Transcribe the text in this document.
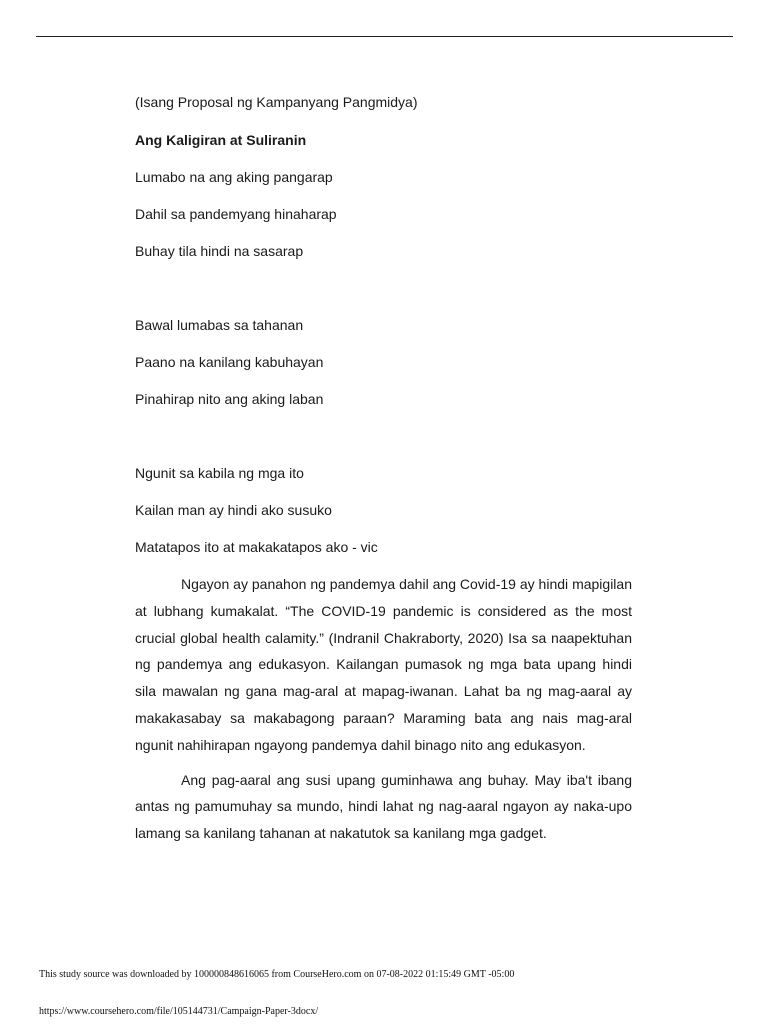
(Isang Proposal ng Kampanyang Pangmidya)
Ang Kaligiran at Suliranin
Lumabo na ang aking pangarap
Dahil sa pandemyang hinaharap
Buhay tila hindi na sasarap
Bawal lumabas sa tahanan
Paano na kanilang kabuhayan
Pinahirap nito ang aking laban
Ngunit sa kabila ng mga ito
Kailan man ay hindi ako susuko
Matatapos ito at makakatapos ako - vic

Ngayon ay panahon ng pandemya dahil ang Covid-19 ay hindi mapigilan at lubhang kumakalat. “The COVID-19 pandemic is considered as the most crucial global health calamity.” (Indranil Chakraborty, 2020) Isa sa naapektuhan ng pandemya ang edukasyon. Kailangan pumasok ng mga bata upang hindi sila mawalan ng gana mag-aral at mapag-iwanan. Lahat ba ng mag-aaral ay makakasabay sa makabagong paraan? Maraming bata ang nais mag-aral ngunit nahihirapan ngayong pandemya dahil binago nito ang edukasyon.

Ang pag-aaral ang susi upang guminhawa ang buhay. May iba't ibang antas ng pamumuhay sa mundo, hindi lahat ng nag-aaral ngayon ay naka-upo lamang sa kanilang tahanan at nakatutok sa kanilang mga gadget.

This study source was downloaded by 100000848616065 from CourseHero.com on 07-08-2022 01:15:49 GMT -05:00
https://www.coursehero.com/file/105144731/Campaign-Paper-3docx/
